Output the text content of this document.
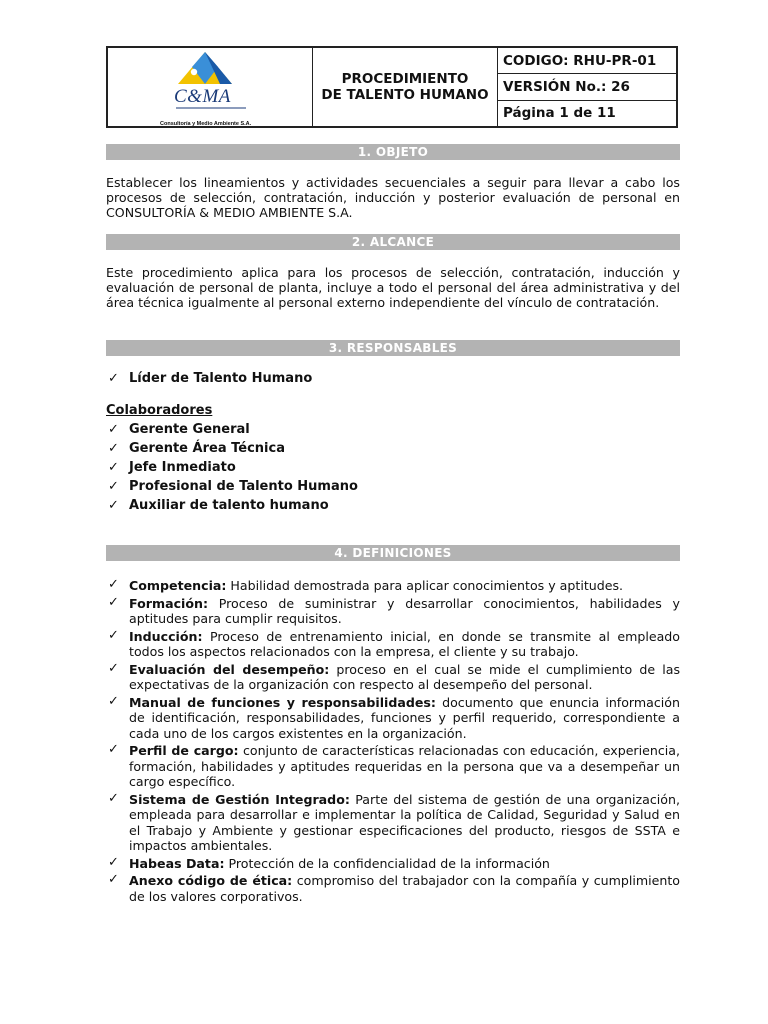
C&MA
Consultoría y Medio Ambiente S.A.
PROCEDIMIENTO
DE TALENTO HUMANO
CODIGO: RHU-PR-01
VERSIÓN No.: 26
Página 1 de 11
1. OBJETO
Establecer los lineamientos y actividades secuenciales a seguir para llevar a cabo los procesos de selección, contratación, inducción y posterior evaluación de personal en CONSULTORÍA & MEDIO AMBIENTE S.A.
2. ALCANCE
Este procedimiento aplica para los procesos de selección, contratación, inducción y evaluación de personal de planta, incluye a todo el personal del área administrativa y del área técnica igualmente al personal externo independiente del vínculo de contratación.
3. RESPONSABLES
✓ Líder de Talento Humano
Colaboradores
✓ Gerente General
✓ Gerente Área Técnica
✓ Jefe Inmediato
✓ Profesional de Talento Humano
✓ Auxiliar de talento humano
4. DEFINICIONES
✓ Competencia: Habilidad demostrada para aplicar conocimientos y aptitudes.
✓ Formación: Proceso de suministrar y desarrollar conocimientos, habilidades y aptitudes para cumplir requisitos.
✓ Inducción: Proceso de entrenamiento inicial, en donde se transmite al empleado todos los aspectos relacionados con la empresa, el cliente y su trabajo.
✓ Evaluación del desempeño: proceso en el cual se mide el cumplimiento de las expectativas de la organización con respecto al desempeño del personal.
✓ Manual de funciones y responsabilidades: documento que enuncia información de identificación, responsabilidades, funciones y perfil requerido, correspondiente a cada uno de los cargos existentes en la organización.
✓ Perfil de cargo: conjunto de características relacionadas con educación, experiencia, formación, habilidades y aptitudes requeridas en la persona que va a desempeñar un cargo específico.
✓ Sistema de Gestión Integrado: Parte del sistema de gestión de una organización, empleada para desarrollar e implementar la política de Calidad, Seguridad y Salud en el Trabajo y Ambiente y gestionar especificaciones del producto, riesgos de SSTA e impactos ambientales.
✓ Habeas Data: Protección de la confidencialidad de la información
✓ Anexo código de ética: compromiso del trabajador con la compañía y cumplimiento de los valores corporativos.
